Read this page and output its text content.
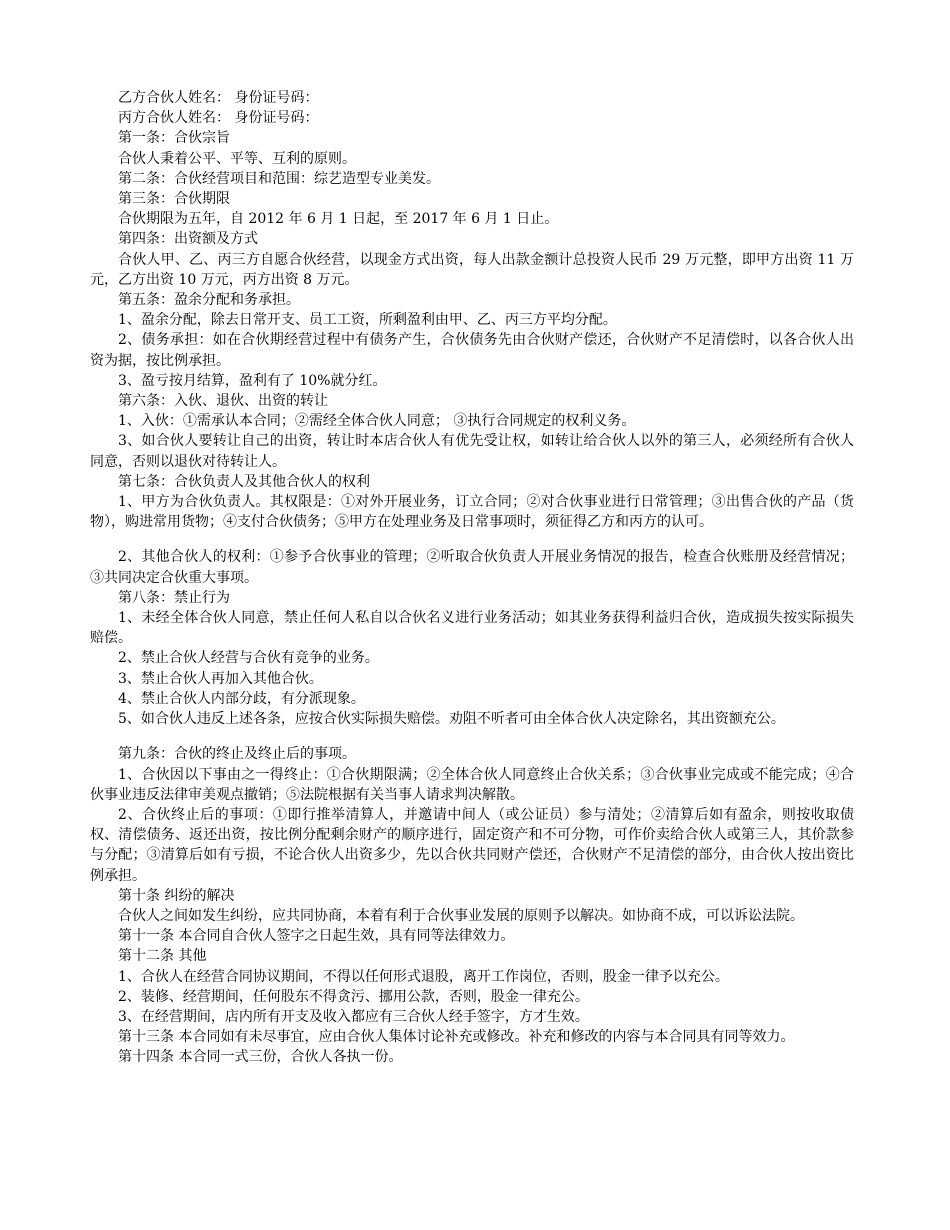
乙方合伙人姓名： 身份证号码：

丙方合伙人姓名： 身份证号码：

第一条：合伙宗旨

合伙人秉着公平、平等、互利的原则。

第二条：合伙经营项目和范围：综艺造型专业美发。

第三条：合伙期限

合伙期限为五年，自 2012 年 6 月 1 日起，至 2017 年 6 月 1 日止。

第四条：出资额及方式

合伙人甲、乙、丙三方自愿合伙经营，以现金方式出资，每人出款金额计总投资人民币 29 万元整，即甲方出资 11 万元，乙方出资 10 万元，丙方出资 8 万元。

第五条：盈余分配和务承担。

1、盈余分配，除去日常开支、员工工资，所剩盈利由甲、乙、丙三方平均分配。

2、债务承担：如在合伙期经营过程中有债务产生，合伙债务先由合伙财产偿还，合伙财产不足清偿时，以各合伙人出资为据，按比例承担。

3、盈亏按月结算，盈利有了 10%就分红。

第六条：入伙、退伙、出资的转让

1、入伙：①需承认本合同；②需经全体合伙人同意； ③执行合同规定的权利义务。

3、如合伙人要转让自己的出资，转让时本店合伙人有优先受让权，如转让给合伙人以外的第三人，必须经所有合伙人同意，否则以退伙对待转让人。

第七条：合伙负责人及其他合伙人的权利

1、甲方为合伙负责人。其权限是：①对外开展业务，订立合同；②对合伙事业进行日常管理；③出售合伙的产品（货物），购进常用货物；④支付合伙债务；⑤甲方在处理业务及日常事项时，须征得乙方和丙方的认可。

2、其他合伙人的权利：①参予合伙事业的管理；②听取合伙负责人开展业务情况的报告，检查合伙账册及经营情况；③共同决定合伙重大事项。

第八条：禁止行为

1、未经全体合伙人同意，禁止任何人私自以合伙名义进行业务活动；如其业务获得利益归合伙，造成损失按实际损失赔偿。

2、禁止合伙人经营与合伙有竞争的业务。

3、禁止合伙人再加入其他合伙。

4、禁止合伙人内部分歧，有分派现象。

5、如合伙人违反上述各条，应按合伙实际损失赔偿。劝阻不听者可由全体合伙人决定除名，其出资额充公。

第九条：合伙的终止及终止后的事项。

1、合伙因以下事由之一得终止：①合伙期限满；②全体合伙人同意终止合伙关系；③合伙事业完成或不能完成；④合伙事业违反法律审美观点撤销；⑤法院根据有关当事人请求判决解散。

2、合伙终止后的事项：①即行推举清算人，并邀请中间人（或公证员）参与清处；②清算后如有盈余，则按收取债权、清偿债务、返还出资，按比例分配剩余财产的顺序进行，固定资产和不可分物，可作价卖给合伙人或第三人，其价款参与分配；③清算后如有亏损，不论合伙人出资多少，先以合伙共同财产偿还，合伙财产不足清偿的部分，由合伙人按出资比例承担。

第十条 纠纷的解决

合伙人之间如发生纠纷，应共同协商，本着有利于合伙事业发展的原则予以解决。如协商不成，可以诉讼法院。

第十一条 本合同自合伙人签字之日起生效，具有同等法律效力。

第十二条 其他

1、合伙人在经营合同协议期间，不得以任何形式退股，离开工作岗位，否则，股金一律予以充公。

2、装修、经营期间，任何股东不得贪污、挪用公款，否则，股金一律充公。

3、在经营期间，店内所有开支及收入都应有三合伙人经手签字，方才生效。

第十三条 本合同如有未尽事宜，应由合伙人集体讨论补充或修改。补充和修改的内容与本合同具有同等效力。

第十四条 本合同一式三份，合伙人各执一份。
